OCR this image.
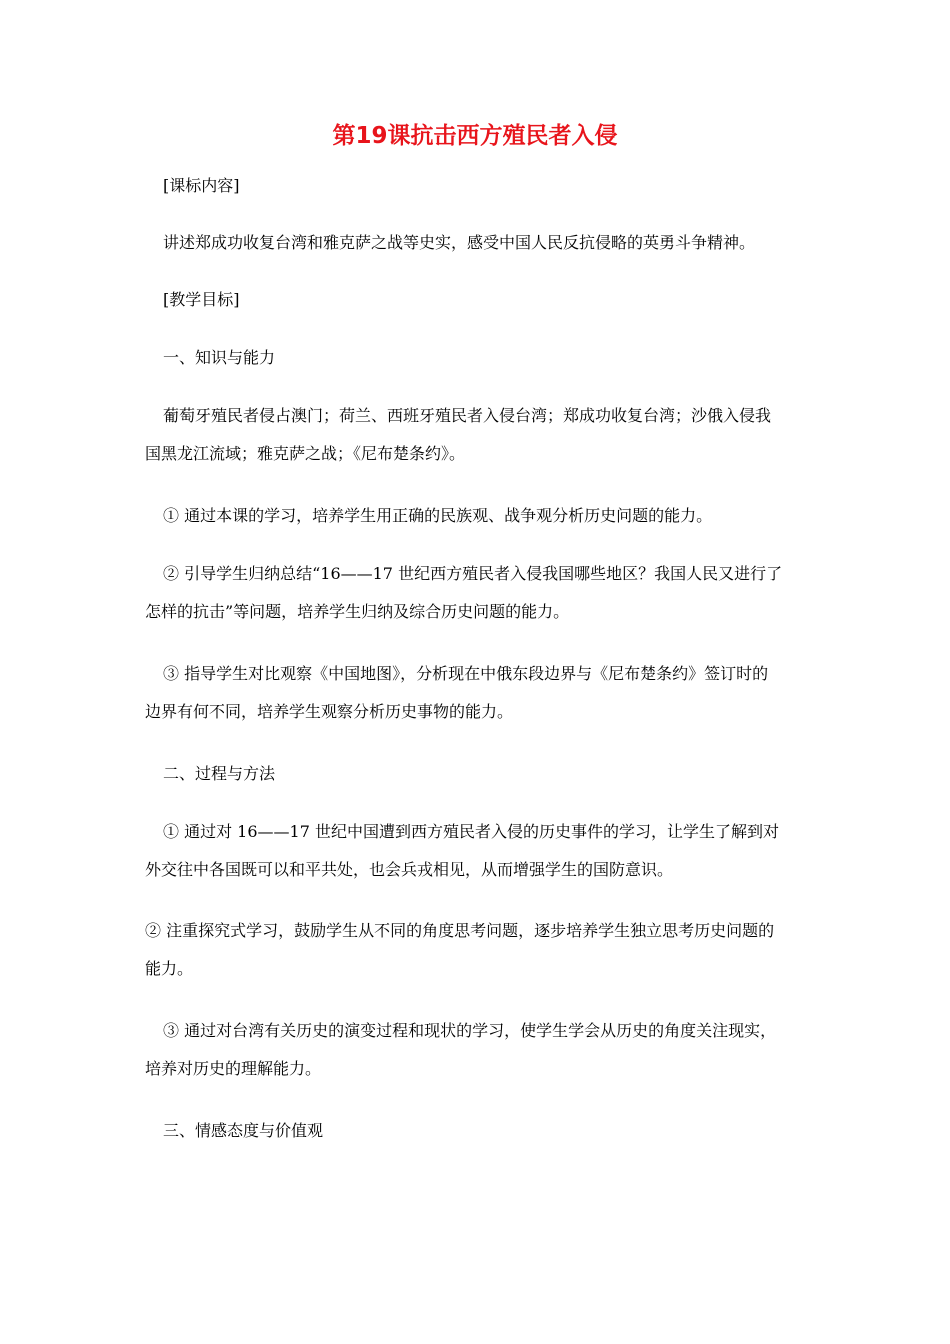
第19课抗击西方殖民者入侵
[课标内容]
讲述郑成功收复台湾和雅克萨之战等史实，感受中国人民反抗侵略的英勇斗争精神。
[教学目标]
一、知识与能力
葡萄牙殖民者侵占澳门；荷兰、西班牙殖民者入侵台湾；郑成功收复台湾；沙俄入侵我
国黑龙江流域；雅克萨之战；《尼布楚条约》。
① 通过本课的学习，培养学生用正确的民族观、战争观分析历史问题的能力。
② 引导学生归纳总结“16——17 世纪西方殖民者入侵我国哪些地区？我国人民又进行了
怎样的抗击”等问题，培养学生归纳及综合历史问题的能力。
③ 指导学生对比观察《中国地图》，分析现在中俄东段边界与《尼布楚条约》签订时的
边界有何不同，培养学生观察分析历史事物的能力。
二、过程与方法
① 通过对 16——17 世纪中国遭到西方殖民者入侵的历史事件的学习，让学生了解到对
外交往中各国既可以和平共处，也会兵戎相见，从而增强学生的国防意识。
② 注重探究式学习，鼓励学生从不同的角度思考问题，逐步培养学生独立思考历史问题的
能力。
③ 通过对台湾有关历史的演变过程和现状的学习，使学生学会从历史的角度关注现实，
培养对历史的理解能力。
三、情感态度与价值观
